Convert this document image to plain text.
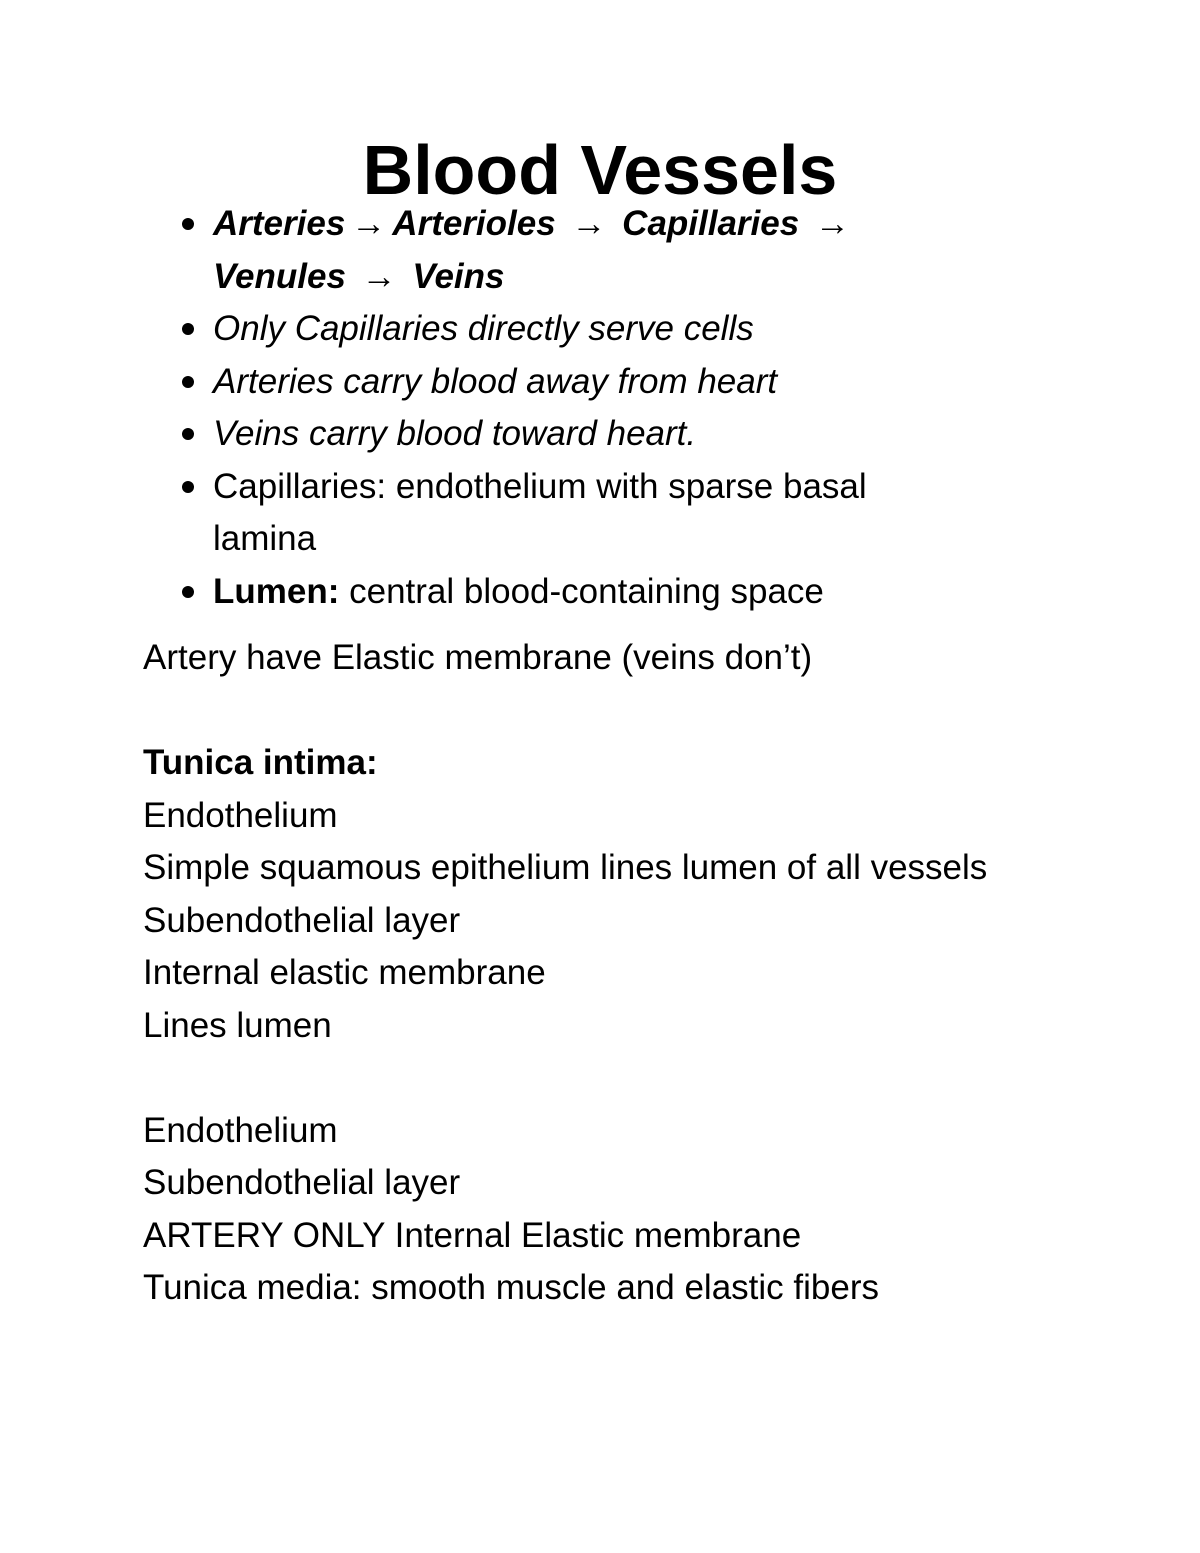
Blood Vessels
Arteries → Arterioles → Capillaries →
Venules → Veins
Only Capillaries directly serve cells
Arteries carry blood away from heart
Veins carry blood toward heart.
Capillaries: endothelium with sparse basal lamina
Lumen: central blood-containing space
Artery have Elastic membrane (veins don’t)
Tunica intima:
Endothelium
Simple squamous epithelium lines lumen of all vessels
Subendothelial layer
Internal elastic membrane
Lines lumen
Endothelium
Subendothelial layer
ARTERY ONLY Internal Elastic membrane
Tunica media: smooth muscle and elastic fibers
